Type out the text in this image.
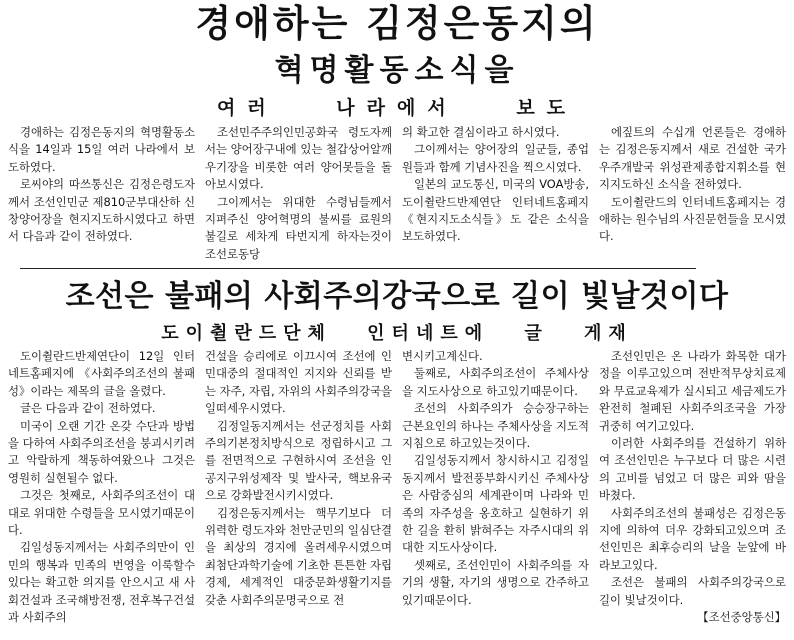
경애하는 김정은동지의
혁명활동소식을
여러 나라에서 보도

경애하는 김정은동지의 혁명활동소식을 14일과 15일 여러 나라에서 보도하였다.

로씨야의 따쓰통신은 김정은령도자께서 조선인민군 제810군부대산하 신창양어장을 현지지도하시였다고 하면서 다음과 같이 전하였다.

조선민주주의인민공화국 령도자께서는 양어장구내에 있는 철갑상어알깨우기장을 비롯한 여러 양어못들을 돌아보시였다.

그이께서는 위대한 수령님들께서 지펴주신 양어혁명의 불씨를 료원의 불길로 세차게 타번지게 하자는것이 조선로동당

의 확고한 결심이라고 하시였다.

그이께서는 양어장의 일군들, 종업원들과 함께 기념사진을 찍으시였다.

일본의 교도통신, 미국의 VOA방송, 도이췰란드반제연단 인터네트홈페지 《현지지도소식들》도 같은 소식을 보도하였다.

에짚트의 수십개 언론들은 경애하는 김정은동지께서 새로 건설한 국가우주개발국 위성관제종합지휘소를 현지지도하신 소식을 전하였다.

도이췰란드의 인터네트홈페지는 경애하는 원수님의 사진문헌들을 모시였다.

조선은 불패의 사회주의강국으로 길이 빛날것이다
도이췰란드단체 인터네트에 글 게재

도이췰란드반제연단이 12일 인터네트홈페지에 《사회주의조선의 불패성》이라는 제목의 글을 올렸다.

글은 다음과 같이 전하였다.

미국이 오랜 기간 온갖 수단과 방법을 다하여 사회주의조선을 붕괴시키려고 악랄하게 책동하여왔으나 그것은 영원히 실현될수 없다.

그것은 첫째로, 사회주의조선이 대대로 위대한 수령들을 모시였기때문이다.

김일성동지께서는 사회주의만이 인민의 행복과 민족의 번영을 이룩할수 있다는 확고한 의지를 안으시고 새 사회건설과 조국해방전쟁, 전후복구건설과 사회주의

건설을 승리에로 이끄시여 조선에 인민대중의 절대적인 지지와 신뢰를 받는 자주, 자립, 자위의 사회주의강국을 일떠세우시였다.

김정일동지께서는 선군정치를 사회주의기본정치방식으로 정립하시고 그를 전면적으로 구현하시여 조선을 인공지구위성제작 및 발사국, 핵보유국으로 강화발전시키시였다.

김정은동지께서는 핵무기보다 더 위력한 령도자와 천만군민의 일심단결을 최상의 경지에 올려세우시였으며 최첨단과학기술에 기초한 튼튼한 자립경제, 세계적인 대중문화생활기지를 갖춘 사회주의문명국으로 전

변시키고계신다.

둘째로, 사회주의조선이 주체사상을 지도사상으로 하고있기때문이다.

조선의 사회주의가 승승장구하는 근본요인의 하나는 주체사상을 지도적지침으로 하고있는것이다.

김일성동지께서 창시하시고 김정일동지께서 발전풍부화시키신 주체사상은 사람중심의 세계관이며 나라와 민족의 자주성을 옹호하고 실현하기 위한 길을 환히 밝혀주는 자주시대의 위대한 지도사상이다.

셋째로, 조선인민이 사회주의를 자기의 생활, 자기의 생명으로 간주하고있기때문이다.

조선인민은 온 나라가 화목한 대가정을 이루고있으며 전반적무상치료제와 무료교육제가 실시되고 세금제도가 완전히 철폐된 사회주의조국을 가장 귀중히 여기고있다.

이러한 사회주의를 건설하기 위하여 조선인민은 누구보다 더 많은 시련의 고비를 넘었고 더 많은 피와 땀을 바쳤다.

사회주의조선의 불패성은 김정은동지에 의하여 더우 강화되고있으며 조선인민은 최후승리의 날을 눈앞에 바라보고있다.

조선은 불패의 사회주의강국으로 길이 빛날것이다.

【조선중앙통신】
